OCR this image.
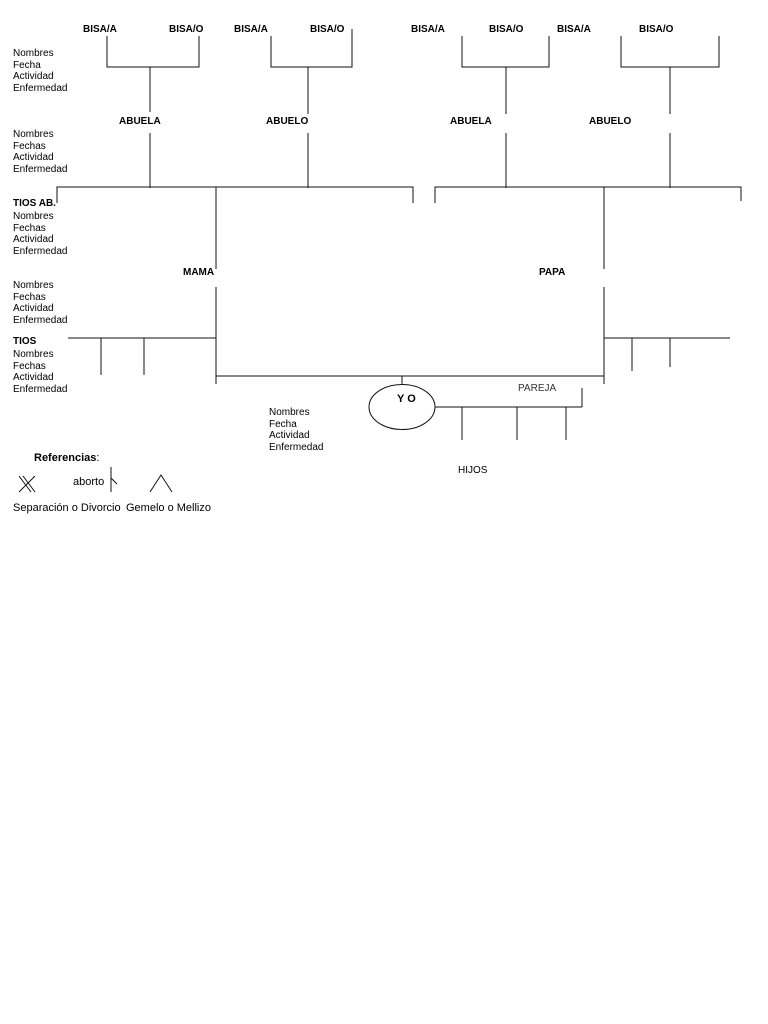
BISA/A	BISA/O	BISA/A	BISA/O	BISA/A	BISA/O	BISA/A	BISA/O
Nombres
Fecha
Actividad
Enfermedad
ABUELA	ABUELO	ABUELA	ABUELO
Nombres
Fechas
Actividad
Enfermedad
TIOS AB.
Nombres
Fechas
Actividad
Enfermedad
MAMA	PAPA
Nombres
Fechas
Actividad
Enfermedad
TIOS
Nombres
Fechas
Actividad
Enfermedad
Y O
PAREJA
Nombres
Fecha
Actividad
Enfermedad
HIJOS
Referencias:
aborto
Separación o Divorcio Gemelo o Mellizo
